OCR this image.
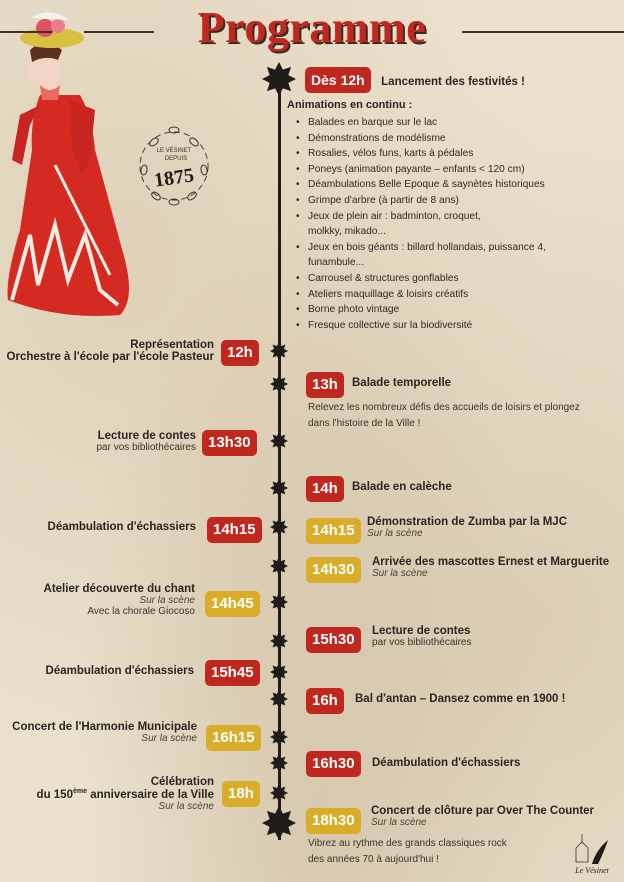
Programme
LE VÉSINET
DEPUIS
1875
Dès 12h Lancement des festivités !
Animations en continu :
• Balades en barque sur le lac
• Démonstrations de modélisme
• Rosalies, vélos funs, karts à pédales
• Poneys (animation payante – enfants < 120 cm)
• Déambulations Belle Epoque & saynètes historiques
• Grimpe d'arbre (à partir de 8 ans)
• Jeux de plein air : badminton, croquet,
molkky, mikado...
• Jeux en bois géants : billard hollandais, puissance 4,
funambule...
• Carrousel & structures gonflables
• Ateliers maquillage & loisirs créatifs
• Borne photo vintage
• Fresque collective sur la biodiversité
Représentation
Orchestre à l'école par l'école Pasteur 12h
Lecture de contes
par vos bibliothécaires 13h30
Déambulation d'échassiers	14h15
Atelier découverte du chant
Sur la scène
Avec la chorale Giocoso	14h45
Déambulation d'échassiers	15h45
Concert de l'Harmonie Municipale
Sur la scène	16h15
Célébration
du 150ème anniversaire de la Ville
Sur la scène
18h
13h	Balade temporelle
Relevez les nombreux défis des accueils de loisirs et plongez
dans l'histoire de la Ville !
14h	Balade en calèche
14h15	Démonstration de Zumba par la MJC
Sur la scène
14h30	Arrivée des mascottes Ernest et Marguerite
Sur la scène
15h30	Lecture de contes
par vos bibliothécaires
16h	Bal d'antan – Dansez comme en 1900 !
16h30	Déambulation d'échassiers
18h30
Concert de clôture par Over The Counter
Sur la scène
Vibrez au rythme des grands classiques rock
des années 70 à aujourd'hui !
Le Vésinet
